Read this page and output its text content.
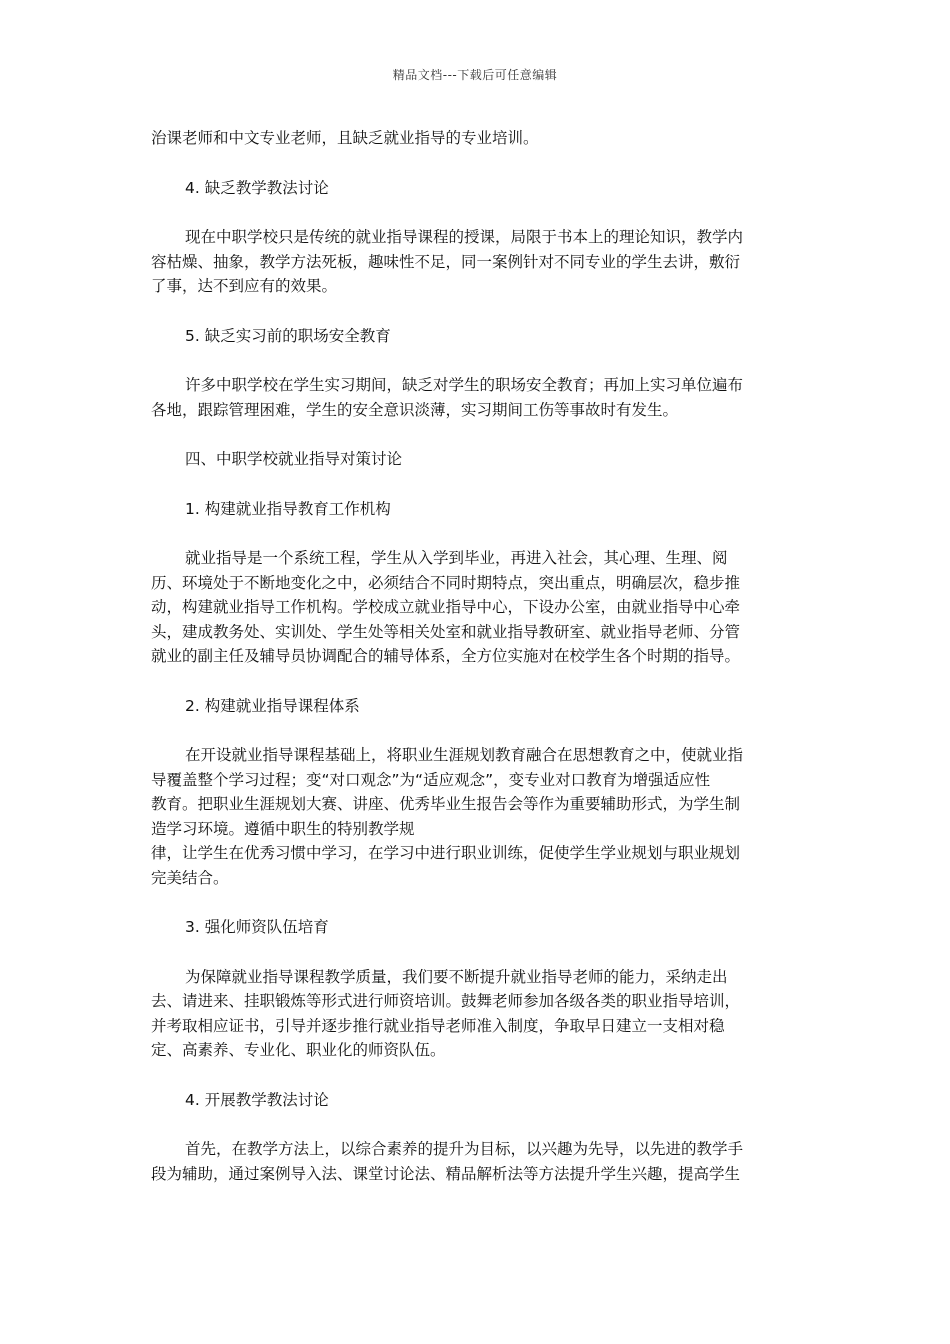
精品文档---下载后可任意编辑

治课老师和中文专业老师，且缺乏就业指导的专业培训。

4. 缺乏教学教法讨论

现在中职学校只是传统的就业指导课程的授课，局限于书本上的理论知识，教学内

容枯燥、抽象，教学方法死板，趣味性不足，同一案例针对不同专业的学生去讲，敷衍

了事，达不到应有的效果。

5. 缺乏实习前的职场安全教育

许多中职学校在学生实习期间，缺乏对学生的职场安全教育；再加上实习单位遍布

各地，跟踪管理困难，学生的安全意识淡薄，实习期间工伤等事故时有发生。

四、中职学校就业指导对策讨论
1. 构建就业指导教育工作机构

就业指导是一个系统工程，学生从入学到毕业，再进入社会，其心理、生理、阅

历、环境处于不断地变化之中，必须结合不同时期特点，突出重点，明确层次，稳步推

动，构建就业指导工作机构。学校成立就业指导中心，下设办公室，由就业指导中心牵

头，建成教务处、实训处、学生处等相关处室和就业指导教研室、就业指导老师、分管

就业的副主任及辅导员协调配合的辅导体系，全方位实施对在校学生各个时期的指导。

2. 构建就业指导课程体系

在开设就业指导课程基础上，将职业生涯规划教育融合在思想教育之中，使就业指

导覆盖整个学习过程；变“对口观念”为“适应观念”，变专业对口教育为增强适应性

教育。把职业生涯规划大赛、讲座、优秀毕业生报告会等作为重要辅助形式，为学生制

造学习环境。遵循中职生的特别教学规

律，让学生在优秀习惯中学习，在学习中进行职业训练，促使学生学业规划与职业规划

完美结合。

3. 强化师资队伍培育

为保障就业指导课程教学质量，我们要不断提升就业指导老师的能力，采纳走出

去、请进来、挂职锻炼等形式进行师资培训。鼓舞老师参加各级各类的职业指导培训，

并考取相应证书，引导并逐步推行就业指导老师准入制度，争取早日建立一支相对稳

定、高素养、专业化、职业化的师资队伍。

4. 开展教学教法讨论

首先，在教学方法上，以综合素养的提升为目标，以兴趣为先导，以先进的教学手

段为辅助，通过案例导入法、课堂讨论法、精品解析法等方法提升学生兴趣，提高学生
